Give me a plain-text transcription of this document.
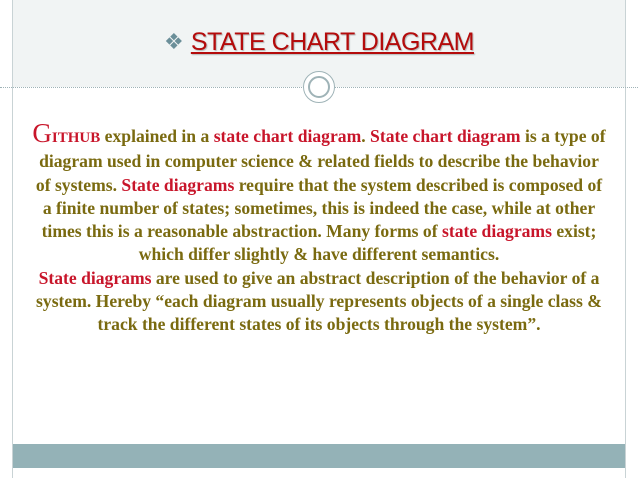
❖ STATE CHART DIAGRAM

GITHUB explained in a state chart diagram. State chart diagram is a type of diagram used in computer science & related fields to describe the behavior of systems. State diagrams require that the system described is composed of a finite number of states; sometimes, this is indeed the case, while at other times this is a reasonable abstraction. Many forms of state diagrams exist; which differ slightly & have different semantics.

State diagrams are used to give an abstract description of the behavior of a system. Hereby “each diagram usually represents objects of a single class & track the different states of its objects through the system”.
